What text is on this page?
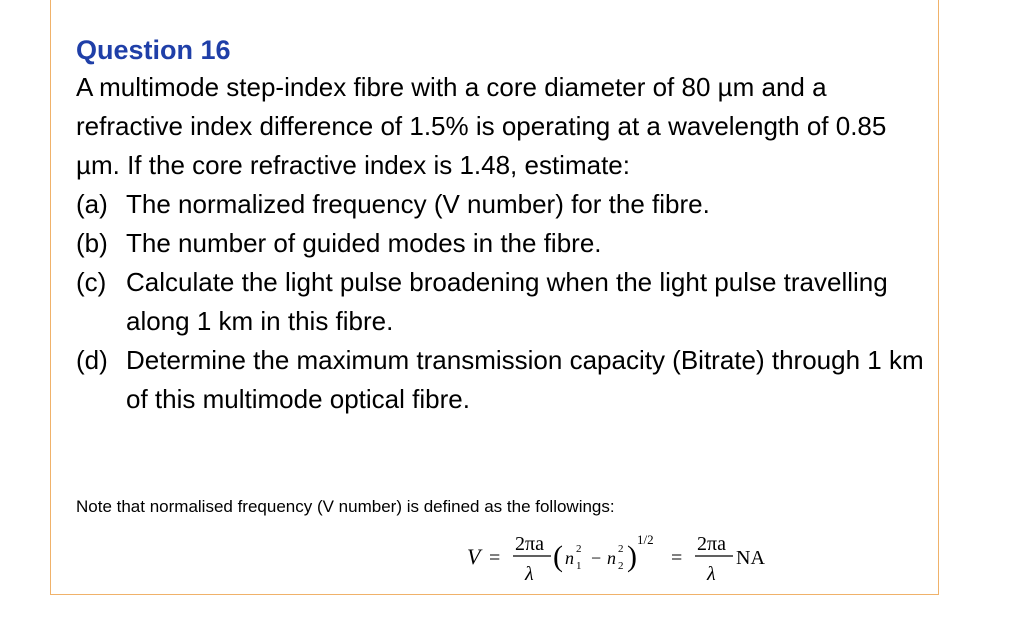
Question 16

A multimode step-index fibre with a core diameter of 80 µm and a refractive index difference of 1.5% is operating at a wavelength of 0.85 µm. If the core refractive index is 1.48, estimate:

(a) The normalized frequency (V number) for the fibre.
(b) The number of guided modes in the fibre.
(c) Calculate the light pulse broadening when the light pulse travelling along 1 km in this fibre.
(d) Determine the maximum transmission capacity (Bitrate) through 1 km of this multimode optical fibre.
Note that normalised frequency (V number) is defined as the followings:
V =
2πa
λ
( n 2
1 − n 2
2 )
1/2
=
2πa
λ
NA
